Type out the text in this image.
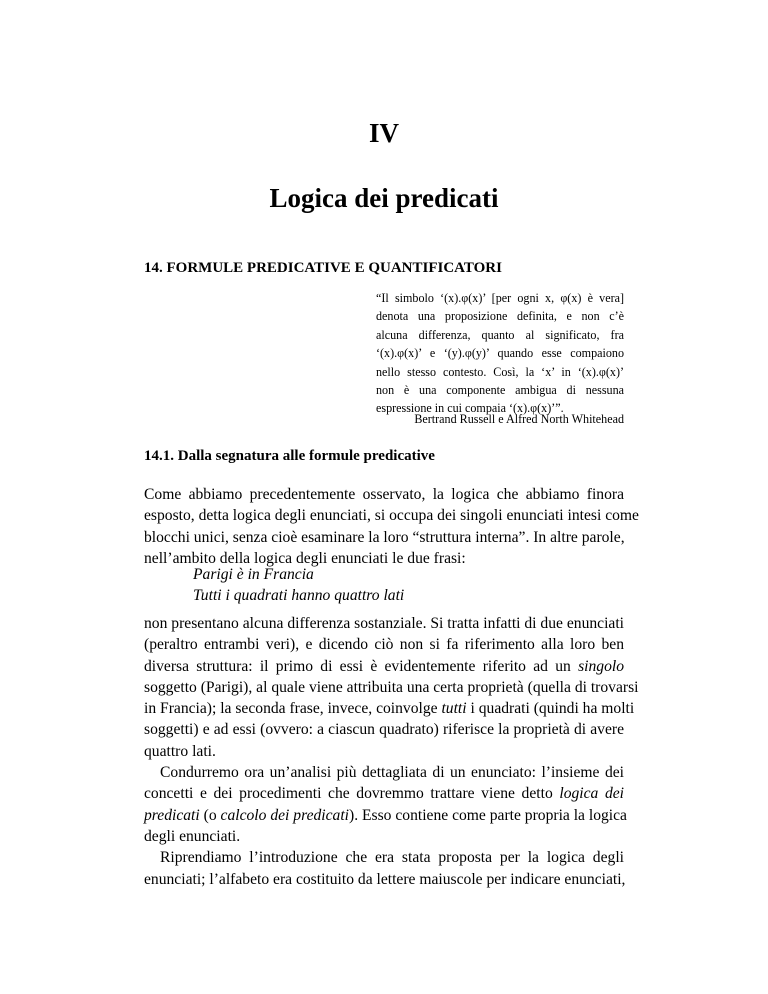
IV
Logica dei predicati
14. FORMULE PREDICATIVE E QUANTIFICATORI
“Il simbolo ‘(x).φ(x)’ [per ogni x, φ(x) è vera]
denota una proposizione definita, e non c’è
alcuna differenza, quanto al significato, fra
‘(x).φ(x)’ e ‘(y).φ(y)’ quando esse compaiono
nello stesso contesto. Così, la ‘x’ in ‘(x).φ(x)’
non è una componente ambigua di nessuna
espressione in cui compaia ‘(x).φ(x)’”.
Bertrand Russell e Alfred North Whitehead
14.1. Dalla segnatura alle formule predicative
Come abbiamo precedentemente osservato, la logica che abbiamo finora
esposto, detta logica degli enunciati, si occupa dei singoli enunciati intesi come
blocchi unici, senza cioè esaminare la loro “struttura interna”. In altre parole,
nell’ambito della logica degli enunciati le due frasi:
Parigi è in Francia
Tutti i quadrati hanno quattro lati
non presentano alcuna differenza sostanziale. Si tratta infatti di due enunciati
(peraltro entrambi veri), e dicendo ciò non si fa riferimento alla loro ben
diversa struttura: il primo di essi è evidentemente riferito ad un singolo
soggetto (Parigi), al quale viene attribuita una certa proprietà (quella di trovarsi
in Francia); la seconda frase, invece, coinvolge tutti i quadrati (quindi ha molti
soggetti) e ad essi (ovvero: a ciascun quadrato) riferisce la proprietà di avere
quattro lati.
Condurremo ora un’analisi più dettagliata di un enunciato: l’insieme dei
concetti e dei procedimenti che dovremmo trattare viene detto logica dei
predicati (o calcolo dei predicati). Esso contiene come parte propria la logica
degli enunciati.
Riprendiamo l’introduzione che era stata proposta per la logica degli
enunciati; l’alfabeto era costituito da lettere maiuscole per indicare enunciati,
